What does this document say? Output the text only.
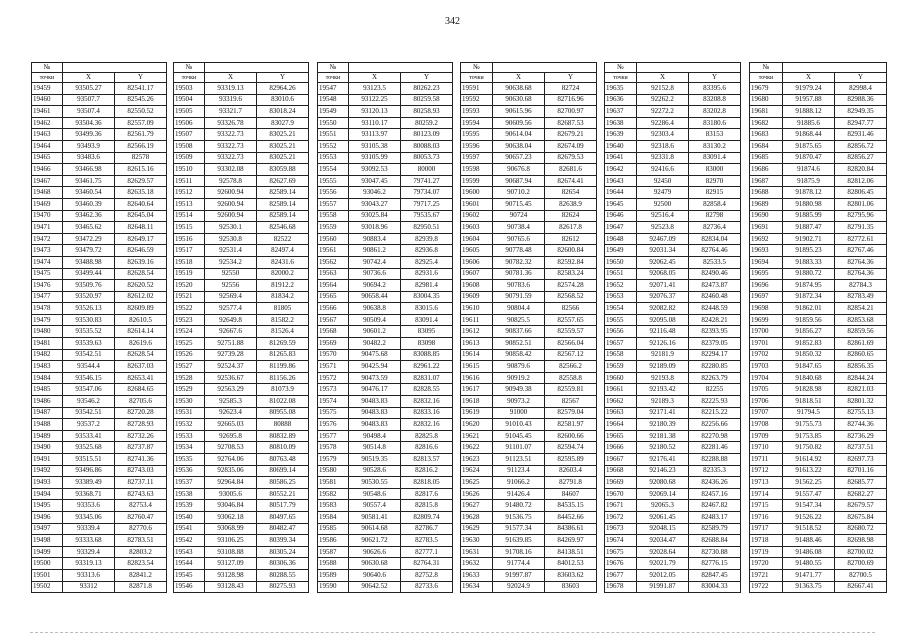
342
№		
точки	X	Y
19459	93505.27	82541.17
19460	93507.7	82545.26
19461	93507.4	82550.52
19462	93504.36	82557.09
19463	93499.36	82561.79
19464	93493.9	82566.19
19465	93483.6	82578
19466	93466.98	82615.16
19467	93461.75	82629.57
19468	93460.54	82635.18
19469	93460.39	82640.64
19470	93462.36	82645.04
19471	93465.62	82648.11
19472	93472.29	82649.17
19473	93479.72	82646.59
19474	93488.98	82639.16
19475	93499.44	82628.54
19476	93509.76	82620.52
19477	93520.97	82612.02
19478	93526.13	82609.89
19479	93530.83	82610.5
19480	93535.52	82614.14
19481	93539.63	82619.6
19482	93542.51	82628.54
19483	93544.4	82637.03
19484	93546.15	82653.41
19485	93547.06	82684.65
19486	93546.2	82705.6
19487	93542.51	82720.28
19488	93537.2	82728.93
19489	93533.41	82732.26
19490	93525.68	82737.87
19491	93515.51	82741.36
19492	93496.86	82743.03
19493	93389.49	82737.11
19494	93368.71	82743.63
19495	93353.6	82753.4
19496	93345.06	82760.47
19497	93339.4	82770.6
19498	93333.68	82783.51
19499	93329.4	82803.2
19500	93319.13	82823.54
19501	93313.6	82841.2
19502	93312	82871.8
№		
точки	X	Y
19503	93319.13	82964.26
19504	93319.6	83010.6
19505	93321.7	83018.24
19506	93326.78	83027.9
19507	93322.73	83025.21
19508	93322.73	83025.21
19509	93322.73	83025.21
19510	93302.08	83059.88
19511	92578.8	82627.69
19512	92600.94	82589.14
19513	92600.94	82589.14
19514	92600.94	82589.14
19515	92530.1	82546.68
19516	92530.8	82522
19517	92531.4	82497.4
19518	92534.2	82431.6
19519	92550	82000.2
19520	92556	81912.2
19521	92569.4	81834.2
19522	92577.4	81805
19523	92649.8	81582.2
19524	92667.6	81526.4
19525	92751.88	81269.59
19526	92739.28	81265.83
19527	92524.37	81199.86
19528	92536.67	81156.26
19529	92563.29	81073.9
19530	92585.3	81022.08
19531	92623.4	80955.08
19532	92665.03	80888
19533	92695.8	80832.89
19534	92708.53	80810.09
19535	92764.06	80763.48
19536	92835.06	80699.14
19537	92964.84	80586.25
19538	93005.6	80552.21
19539	93046.84	80517.79
19540	93062.18	80497.65
19541	93068.99	80482.47
19542	93106.25	80399.34
19543	93108.88	80305.24
19544	93127.09	80306.36
19545	93128.98	80288.55
19546	93128.43	80275.93
№		
точки	X	Y
19547	93123.5	80262.23
19548	93122.25	80259.58
19549	93120.13	80258.93
19550	93110.17	80259.2
19551	93113.97	80123.09
19552	93105.38	80088.03
19553	93105.99	80053.73
19554	93092.53	80000
19555	93047.45	79741.27
19556	93046.2	79734.07
19557	93043.27	79717.25
19558	93025.84	79535.67
19559	93018.96	82950.51
19560	90883.4	82939.8
19561	90861.2	82936.8
19562	90742.4	82925.4
19563	90736.6	82931.6
19564	90694.2	82981.4
19565	90658.44	83004.35
19566	90638.8	83015.6
19567	90509.4	83091.4
19568	90601.2	83095
19569	90482.2	83098
19570	90475.68	83088.85
19571	90425.94	82961.22
19572	90473.59	82831.07
19573	90476.17	82828.55
19574	90483.83	82832.16
19575	90483.83	82833.16
19576	90483.83	82832.16
19577	90498.4	82825.8
19578	90514.8	82816.6
19579	90519.35	82813.57
19580	90528.6	82816.2
19581	90530.55	82818.05
19582	90548.6	82817.6
19583	90557.4	82815.8
19584	90581.41	82809.74
19585	90614.68	82786.7
19586	90621.72	82783.5
19587	90626.6	82777.1
19588	90630.68	82764.31
19589	90640.6	82752.8
19590	90642.52	82733.6
№		
точки	X	Y
19591	90638.68	82724
19592	90630.68	82716.96
19593	90615.96	82700.97
19594	90609.56	82687.53
19595	90614.04	82679.21
19596	90638.04	82674.09
19597	90657.23	82679.53
19598	90676.8	82681.6
19599	90687.94	82674.41
19600	90710.2	82654
19601	90715.45	82638.9
19602	90724	82624
19603	90738.4	82617.8
19604	90765.6	82612
19605	90778.48	82600.84
19606	90782.32	82592.84
19607	90781.36	82583.24
19608	90783.6	82574.28
19609	90791.59	82568.52
19610	90804.4	82566
19611	90825.5	82557.65
19612	90837.66	82559.57
19613	90852.51	82566.04
19614	90858.42	82567.12
19615	90879.6	82566.2
19616	90919.2	82558.8
19617	90949.38	82559.81
19618	90973.2	82567
19619	91000	82579.04
19620	91010.43	82581.97
19621	91045.45	82600.66
19622	91101.07	82594.74
19623	91123.51	82595.89
19624	91123.4	82603.4
19625	91066.2	82791.8
19626	91426.4	84607
19627	91480.72	84535.15
19628	91536.75	84452.66
19629	91577.34	84386.61
19630	91639.85	84269.97
19631	91708.16	84138.51
19632	91774.4	84012.53
19633	91997.87	83603.62
19634	92024.9	83603
№		
точки	X	Y
19635	92152.8	83395.6
19636	92262.2	83208.8
19637	92272.2	83202.8
19638	92286.4	83180.6
19639	92303.4	83153
19640	92318.6	83130.2
19641	92331.8	83091.4
19642	92416.6	83000
19643	92450	82970
19644	92479	82915
19645	92500	82858.4
19646	92516.4	82798
19647	92523.8	82736.4
19648	92467.09	82834.04
19649	92031.34	82764.46
19650	92062.45	82533.5
19651	92068.05	82490.46
19652	92071.41	82473.87
19653	92076.37	82460.48
19654	92082.82	82448.59
19655	92095.08	82428.21
19656	92116.48	82393.95
19657	92126.16	82379.05
19658	92181.9	82294.17
19659	92189.09	82280.85
19660	92193.8	82263.79
19661	92193.42	82255
19662	92189.3	82225.93
19663	92171.41	82215.22
19664	92180.39	82256.66
19665	92181.38	82270.98
19666	92180.52	82281.46
19667	92176.41	82288.88
19668	92146.23	82335.3
19669	92080.68	82436.26
19670	92069.14	82457.16
19671	92065.3	82467.82
19672	92061.45	82483.17
19673	92048.15	82589.79
19674	92034.47	82688.84
19675	92028.64	82730.88
19676	92021.79	82776.15
19677	92012.05	82847.45
19678	91991.87	83004.33
№		
точки	X	Y
19679	91979.24	82998.4
19680	91957.88	82988.36
19681	91888.12	82949.35
19682	91885.6	82947.77
19683	91868.44	82931.46
19684	91875.65	82856.72
19685	91870.47	82856.27
19686	91874.6	82820.84
19687	91875.9	82812.06
19688	91878.12	82806.45
19689	91880.98	82801.06
19690	91885.99	82795.96
19691	91887.47	82791.35
19692	91902.71	82772.61
19693	91895.23	82767.46
19694	91883.33	82764.36
19695	91880.72	82764.36
19696	91874.95	82784.3
19697	91872.34	82783.49
19698	91862.01	82854.21
19699	91859.56	82853.68
19700	91856.27	82859.56
19701	91852.83	82861.69
19702	91850.32	82860.65
19703	91847.65	82856.35
19704	91840.68	82844.24
19705	91828.98	82821.03
19706	91818.51	82801.32
19707	91794.5	82755.13
19708	91755.73	82744.36
19709	91753.85	82736.29
19710	91750.82	82737.51
19711	91614.92	82697.73
19712	91613.22	82701.16
19713	91562.25	82685.77
19714	91557.47	82682.27
19715	91547.34	82679.57
19716	91526.22	82675.84
19717	91518.52	82680.72
19718	91488.46	82698.98
19719	91486.08	82700.02
19720	91480.55	82700.69
19721	91471.77	82700.5
19722	91363.75	82667.41
